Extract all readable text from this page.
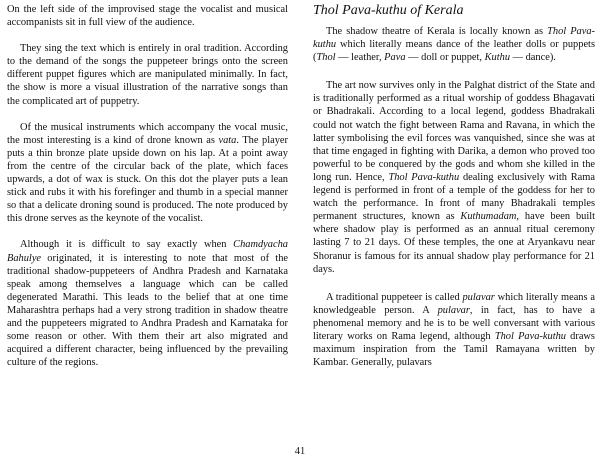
On the left side of the improvised stage the vocalist and musical accompanists sit in full view of the audience.

They sing the text which is entirely in oral tradition. According to the demand of the songs the puppeteer brings onto the screen different puppet figures which are manipulated minimally. In fact, the show is more a visual illustration of the narrative songs than the complicated art of puppetry.

Of the musical instruments which accompany the vocal music, the most interesting is a kind of drone known as vata. The player puts a thin bronze plate upside down on his lap. At a point away from the centre of the circular back of the plate, which faces upwards, a dot of wax is stuck. On this dot the player puts a lean stick and rubs it with his forefinger and thumb in a special manner so that a delicate droning sound is produced. The note produced by this drone serves as the keynote of the vocalist.

Although it is difficult to say exactly when Chamdyacha Bahulye originated, it is interesting to note that most of the traditional shadow-puppeteers of Andhra Pradesh and Karnataka speak among themselves a language which can be called degenerated Marathi. This leads to the belief that at one time Maharashtra perhaps had a very strong tradition in shadow theatre and the puppeteers migrated to Andhra Pradesh and Karnataka for some reason or other. With them their art also migrated and acquired a different character, being influenced by the prevailing culture of the regions.

Thol Pava-kuthu of Kerala

The shadow theatre of Kerala is locally known as Thol Pava-kuthu which literally means dance of the leather dolls or puppets (Thol — leather, Pava — doll or puppet, Kuthu — dance).

The art now survives only in the Palghat district of the State and is traditionally performed as a ritual worship of goddess Bhagavati or Bhadrakali. According to a local legend, goddess Bhadrakali could not watch the fight between Rama and Ravana, in which the latter symbolising the evil forces was vanquished, since she was at that time engaged in fighting with Darika, a demon who proved too powerful to be conquered by the gods and whom she killed in the long run. Hence, Thol Pava-kuthu dealing exclusively with Rama legend is performed in front of a temple of the goddess for her to watch the performance. In front of many Bhadrakali temples permanent structures, known as Kuthumadam, have been built where shadow play is performed as an annual ritual ceremony lasting 7 to 21 days. Of these temples, the one at Aryankavu near Shoranur is famous for its annual shadow play performance for 21 days.

A traditional puppeteer is called pulavar which literally means a knowledgeable person. A pulavar, in fact, has to have a phenomenal memory and he is to be well conversant with various literary works on Rama legend, although Thol Pava-kuthu draws maximum inspiration from the Tamil Ramayana written by Kambar. Generally, pulavars

41
